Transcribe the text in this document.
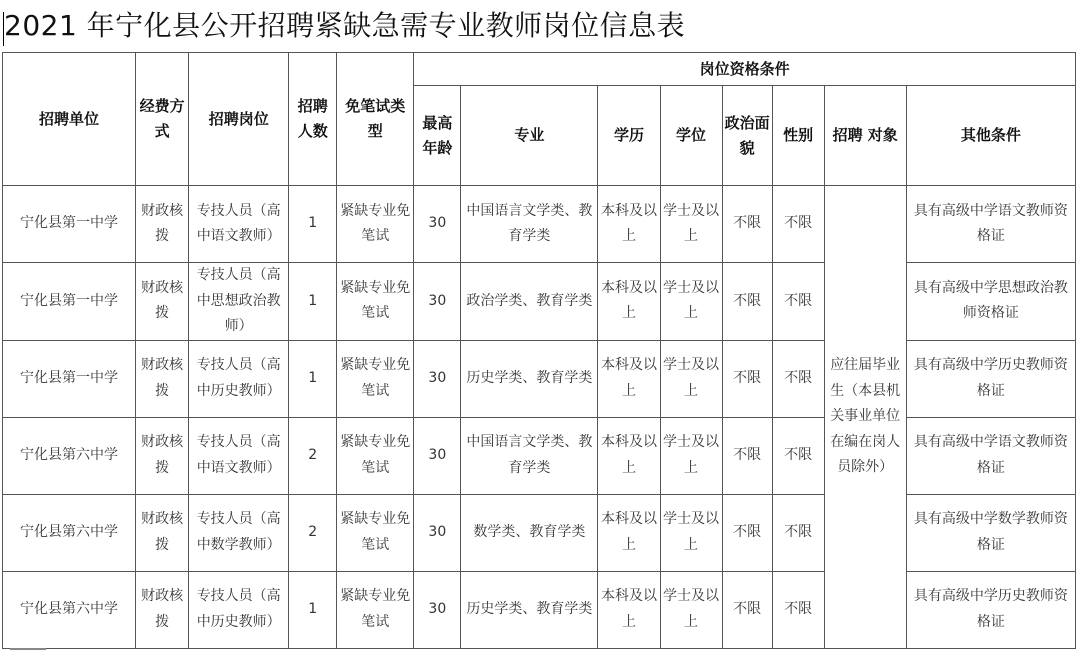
2021 年宁化县公开招聘紧缺急需专业教师岗位信息表
招聘单位	经费方式	招聘岗位	招聘人数	免笔试类型	岗位资格条件							
					最高年龄	专业	学历	学位	政治面貌	性别	招聘 对象	其他条件
宁化县第一中学	财政核拨	专技人员（高中语文教师）	1	紧缺专业免笔试	30	中国语言文学类、教育学类	本科及以上	学士及以上	不限	不限	应往届毕业生（本县机关事业单位在编在岗人员除外）	具有高级中学语文教师资格证
宁化县第一中学	财政核拨	专技人员（高中思想政治教师）	1	紧缺专业免笔试	30	政治学类、教育学类	本科及以上	学士及以上	不限	不限		具有高级中学思想政治教师资格证
宁化县第一中学	财政核拨	专技人员（高中历史教师）	1	紧缺专业免笔试	30	历史学类、教育学类	本科及以上	学士及以上	不限	不限		具有高级中学历史教师资格证
宁化县第六中学	财政核拨	专技人员（高中语文教师）	2	紧缺专业免笔试	30	中国语言文学类、教育学类	本科及以上	学士及以上	不限	不限		具有高级中学语文教师资格证
宁化县第六中学	财政核拨	专技人员（高中数学教师）	2	紧缺专业免笔试	30	数学类、教育学类	本科及以上	学士及以上	不限	不限		具有高级中学数学教师资格证
宁化县第六中学	财政核拨	专技人员（高中历史教师）	1	紧缺专业免笔试	30	历史学类、教育学类	本科及以上	学士及以上	不限	不限		具有高级中学历史教师资格证
